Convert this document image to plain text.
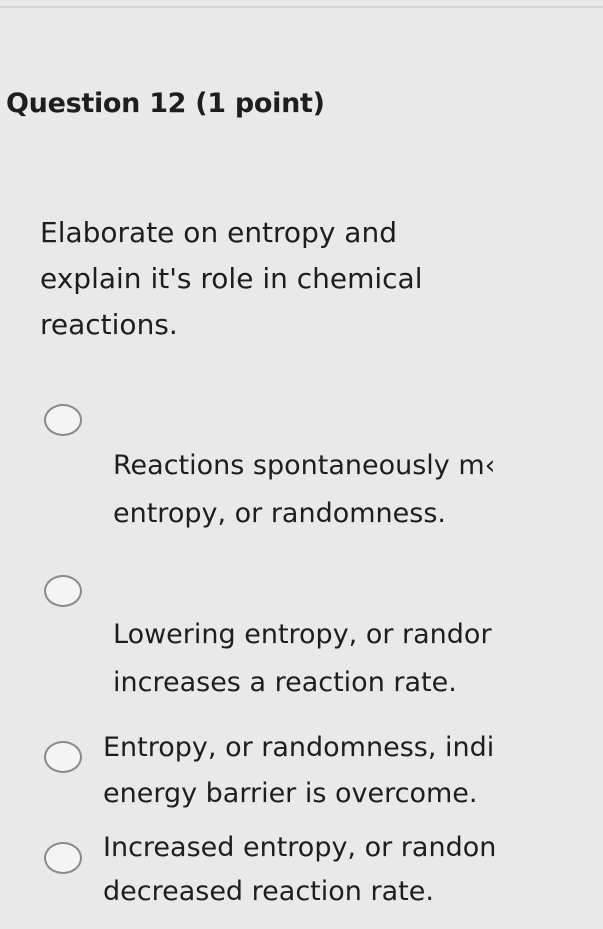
Question 12 (1 point)
Elaborate on entropy and explain it's role in chemical reactions.
Reactions spontaneously m‹
entropy, or randomness.
Lowering entropy, or randor
increases a reaction rate.
Entropy, or randomness, indi
energy barrier is overcome.
Increased entropy, or randon
decreased reaction rate.
